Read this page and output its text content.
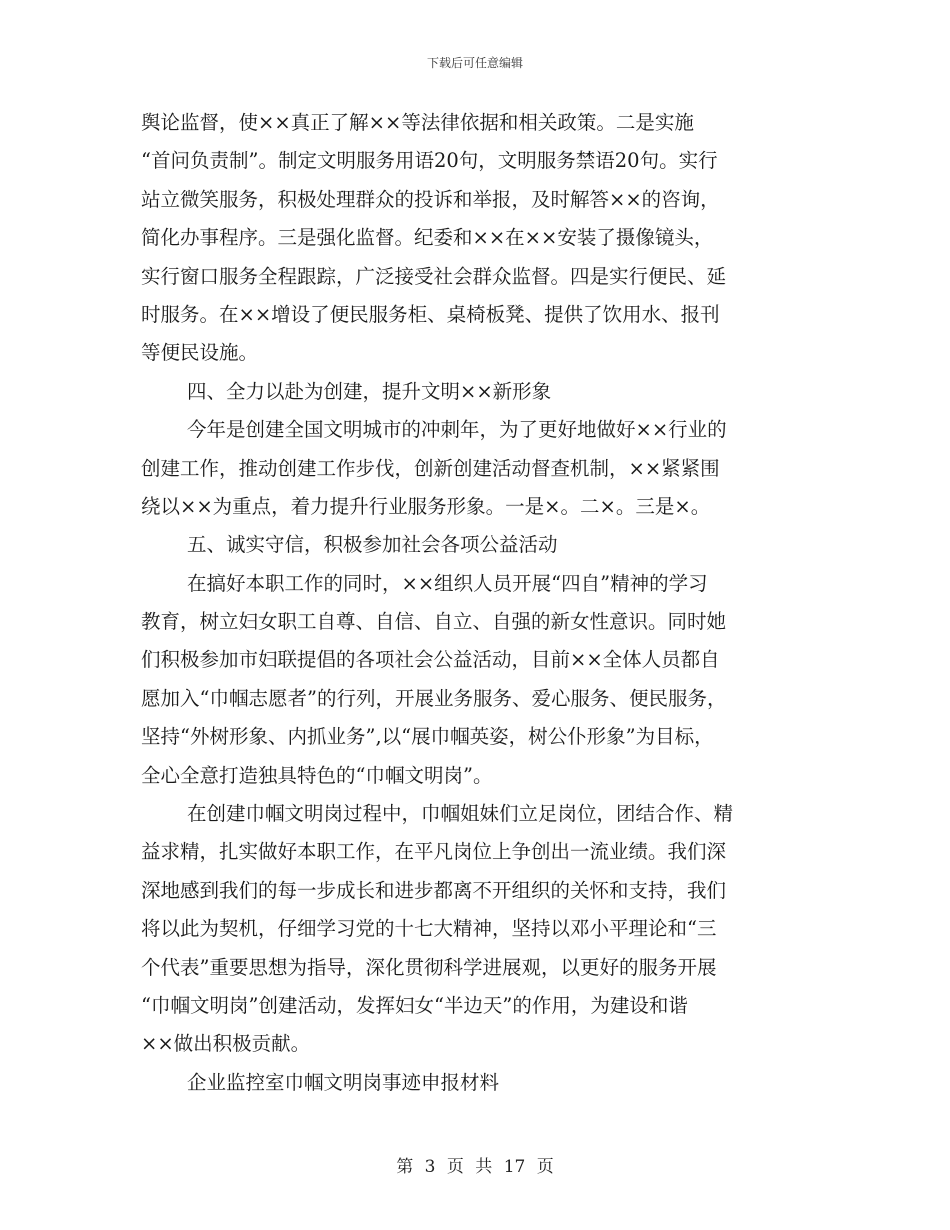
下载后可任意编辑
舆论监督，使××真正了解××等法律依据和相关政策。二是实施
“首问负责制”。制定文明服务用语20句，文明服务禁语20句。实行
站立微笑服务，积极处理群众的投诉和举报，及时解答××的咨询，
简化办事程序。三是强化监督。纪委和××在××安装了摄像镜头，
实行窗口服务全程跟踪，广泛接受社会群众监督。四是实行便民、延
时服务。在××增设了便民服务柜、桌椅板凳、提供了饮用水、报刊
等便民设施。
四、全力以赴为创建，提升文明××新形象
今年是创建全国文明城市的冲刺年，为了更好地做好××行业的
创建工作，推动创建工作步伐，创新创建活动督查机制，××紧紧围
绕以××为重点，着力提升行业服务形象。一是×。二×。三是×。
五、诚实守信，积极参加社会各项公益活动
在搞好本职工作的同时，××组织人员开展“四自”精神的学习
教育，树立妇女职工自尊、自信、自立、自强的新女性意识。同时她
们积极参加市妇联提倡的各项社会公益活动，目前××全体人员都自
愿加入“巾帼志愿者”的行列，开展业务服务、爱心服务、便民服务，
坚持“外树形象、内抓业务”,以“展巾帼英姿，树公仆形象”为目标，
全心全意打造独具特色的“巾帼文明岗”。
在创建巾帼文明岗过程中，巾帼姐妹们立足岗位，团结合作、精
益求精，扎实做好本职工作，在平凡岗位上争创出一流业绩。我们深
深地感到我们的每一步成长和进步都离不开组织的关怀和支持，我们
将以此为契机，仔细学习党的十七大精神，坚持以邓小平理论和“三
个代表”重要思想为指导，深化贯彻科学进展观，以更好的服务开展
“巾帼文明岗”创建活动，发挥妇女“半边天”的作用，为建设和谐
××做出积极贡献。
企业监控室巾帼文明岗事迹申报材料
第 3 页 共 17 页
